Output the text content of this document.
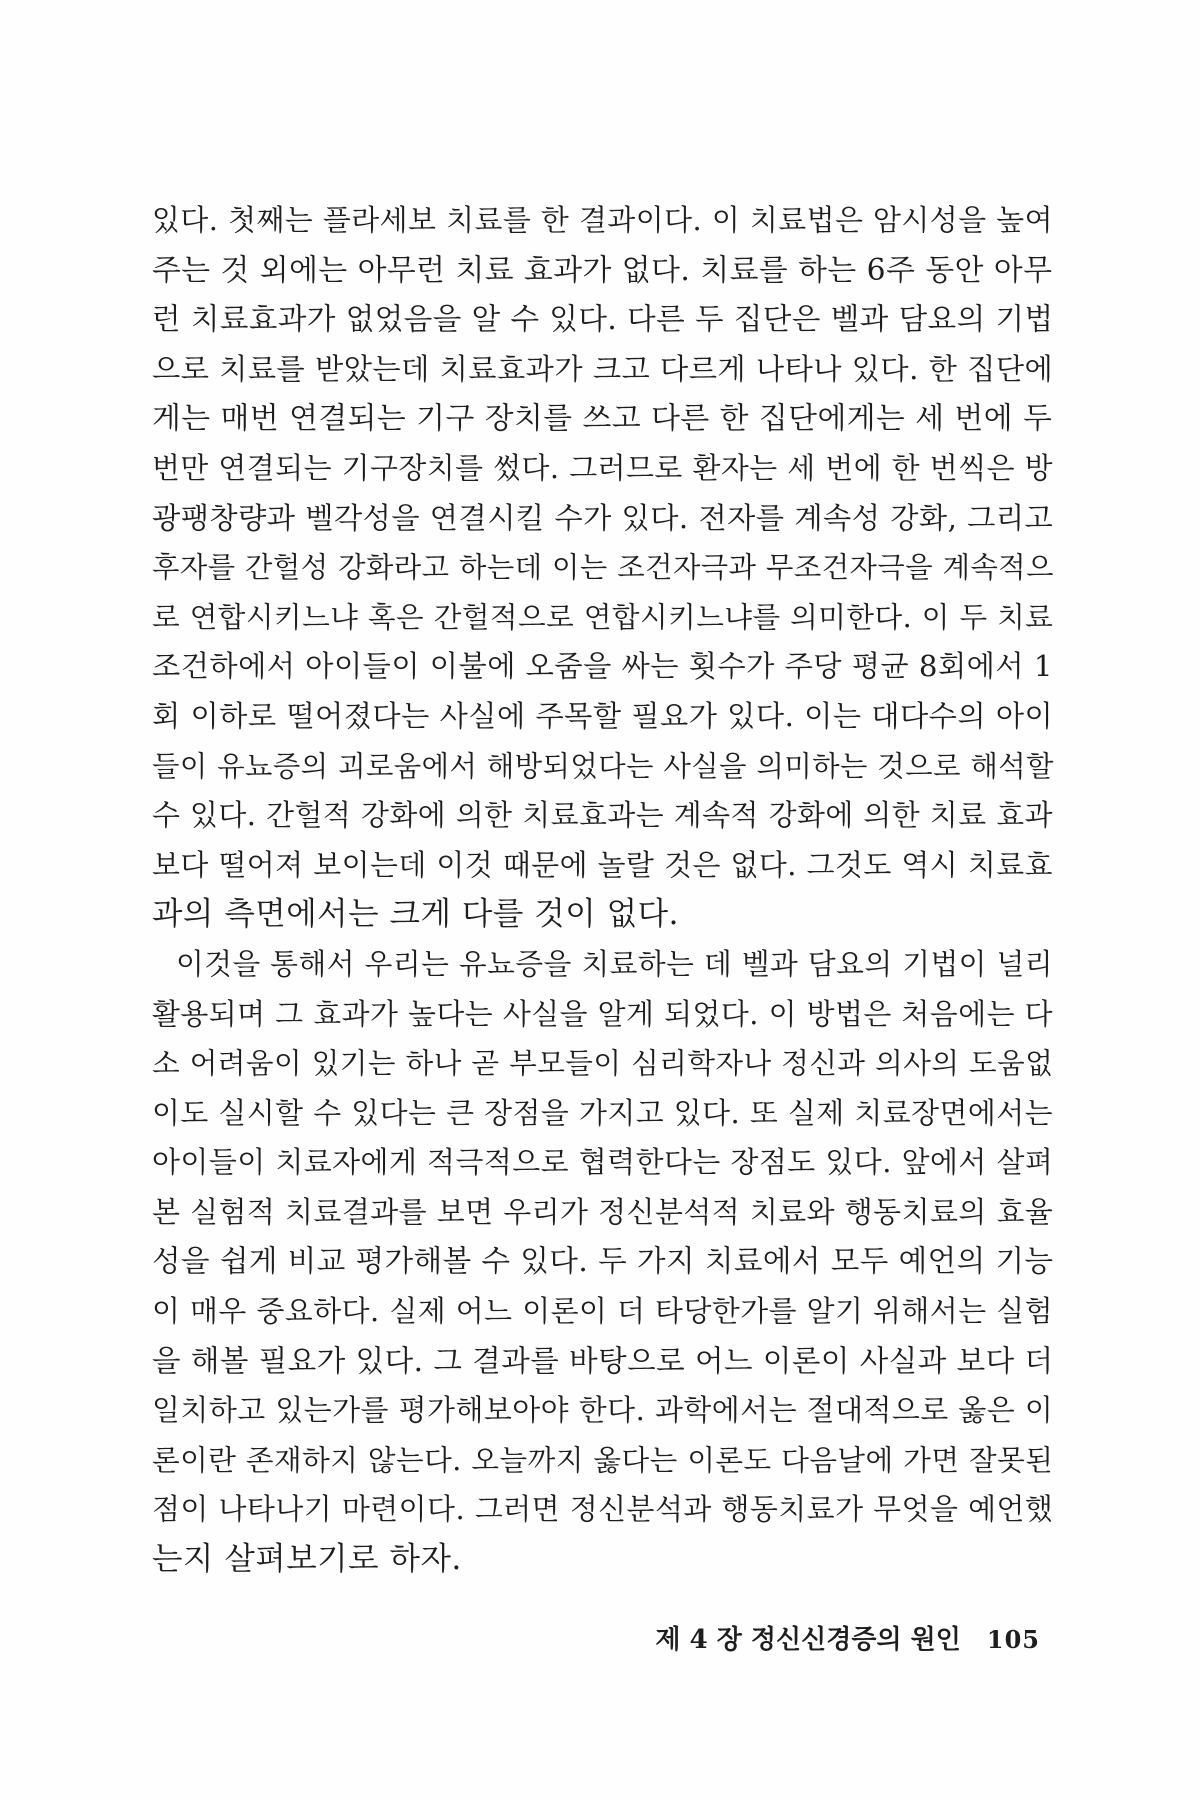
있다. 첫째는 플라세보 치료를 한 결과이다. 이 치료법은 암시성을 높여
주는 것 외에는 아무런 치료 효과가 없다. 치료를 하는 6주 동안 아무
런 치료효과가 없었음을 알 수 있다. 다른 두 집단은 벨과 담요의 기법
으로 치료를 받았는데 치료효과가 크고 다르게 나타나 있다. 한 집단에
게는 매번 연결되는 기구 장치를 쓰고 다른 한 집단에게는 세 번에 두
번만 연결되는 기구장치를 썼다. 그러므로 환자는 세 번에 한 번씩은 방
광팽창량과 벨각성을 연결시킬 수가 있다. 전자를 계속성 강화, 그리고
후자를 간헐성 강화라고 하는데 이는 조건자극과 무조건자극을 계속적으
로 연합시키느냐 혹은 간헐적으로 연합시키느냐를 의미한다. 이 두 치료
조건하에서 아이들이 이불에 오줌을 싸는 횟수가 주당 평균 8회에서 1
회 이하로 떨어졌다는 사실에 주목할 필요가 있다. 이는 대다수의 아이
들이 유뇨증의 괴로움에서 해방되었다는 사실을 의미하는 것으로 해석할
수 있다. 간헐적 강화에 의한 치료효과는 계속적 강화에 의한 치료 효과
보다 떨어져 보이는데 이것 때문에 놀랄 것은 없다. 그것도 역시 치료효
과의 측면에서는 크게 다를 것이 없다.

이것을 통해서 우리는 유뇨증을 치료하는 데 벨과 담요의 기법이 널리
활용되며 그 효과가 높다는 사실을 알게 되었다. 이 방법은 처음에는 다
소 어려움이 있기는 하나 곧 부모들이 심리학자나 정신과 의사의 도움없
이도 실시할 수 있다는 큰 장점을 가지고 있다. 또 실제 치료장면에서는
아이들이 치료자에게 적극적으로 협력한다는 장점도 있다. 앞에서 살펴
본 실험적 치료결과를 보면 우리가 정신분석적 치료와 행동치료의 효율
성을 쉽게 비교 평가해볼 수 있다. 두 가지 치료에서 모두 예언의 기능
이 매우 중요하다. 실제 어느 이론이 더 타당한가를 알기 위해서는 실험
을 해볼 필요가 있다. 그 결과를 바탕으로 어느 이론이 사실과 보다 더
일치하고 있는가를 평가해보아야 한다. 과학에서는 절대적으로 옳은 이
론이란 존재하지 않는다. 오늘까지 옳다는 이론도 다음날에 가면 잘못된
점이 나타나기 마련이다. 그러면 정신분석과 행동치료가 무엇을 예언했
는지 살펴보기로 하자.

제 4 장 정신신경증의 원인 105
